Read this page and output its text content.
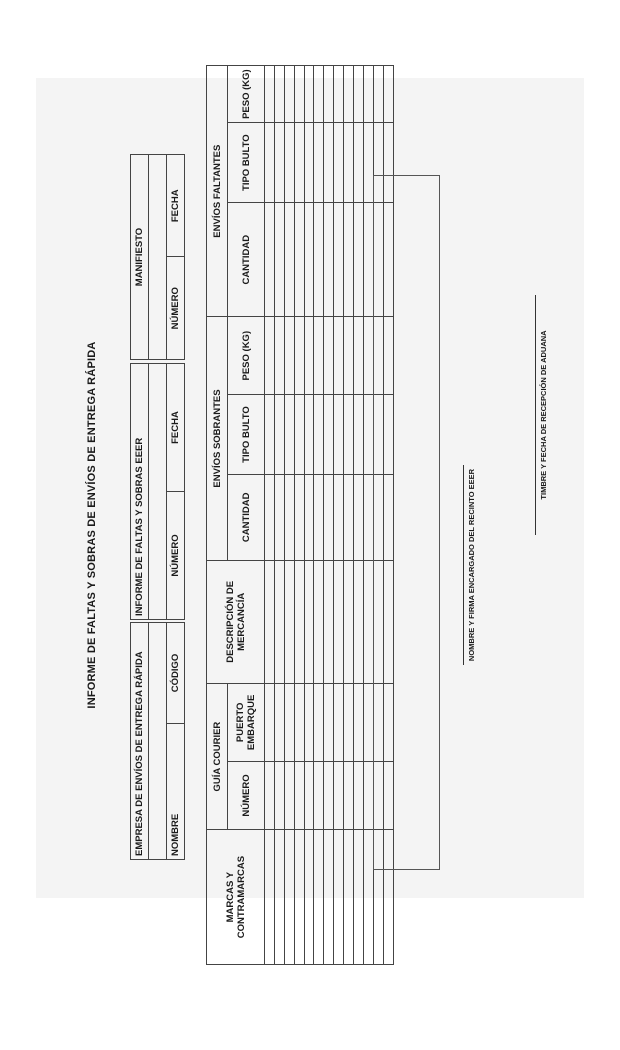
INFORME DE FALTAS Y SOBRAS DE ENVÍOS DE ENTREGA RÁPIDA
EMPRESA DE ENVÍOS DE ENTREGA RÁPIDA

NOMBRE	CÓDIGO
INFORME DE FALTAS Y SOBRAS EEER

NÚMERO	FECHA
MANIFIESTO

NÚMERO	FECHA
MARCAS Y CONTRAMARCAS	GUÍA COURIER		DESCRIPCIÓN DE MERCANCÍA	ENVÍOS SOBRANTES			ENVÍOS FALTANTES		
	NÚMERO	PUERTO EMBARQUE		CANTIDAD	TIPO BULTO	PESO (KG)	CANTIDAD	TIPO BULTO	PESO (KG)

NOMBRE Y FIRMA ENCARGADO DEL RECINTO EEER
TIMBRE Y FECHA DE RECEPCIÓN DE ADUANA
